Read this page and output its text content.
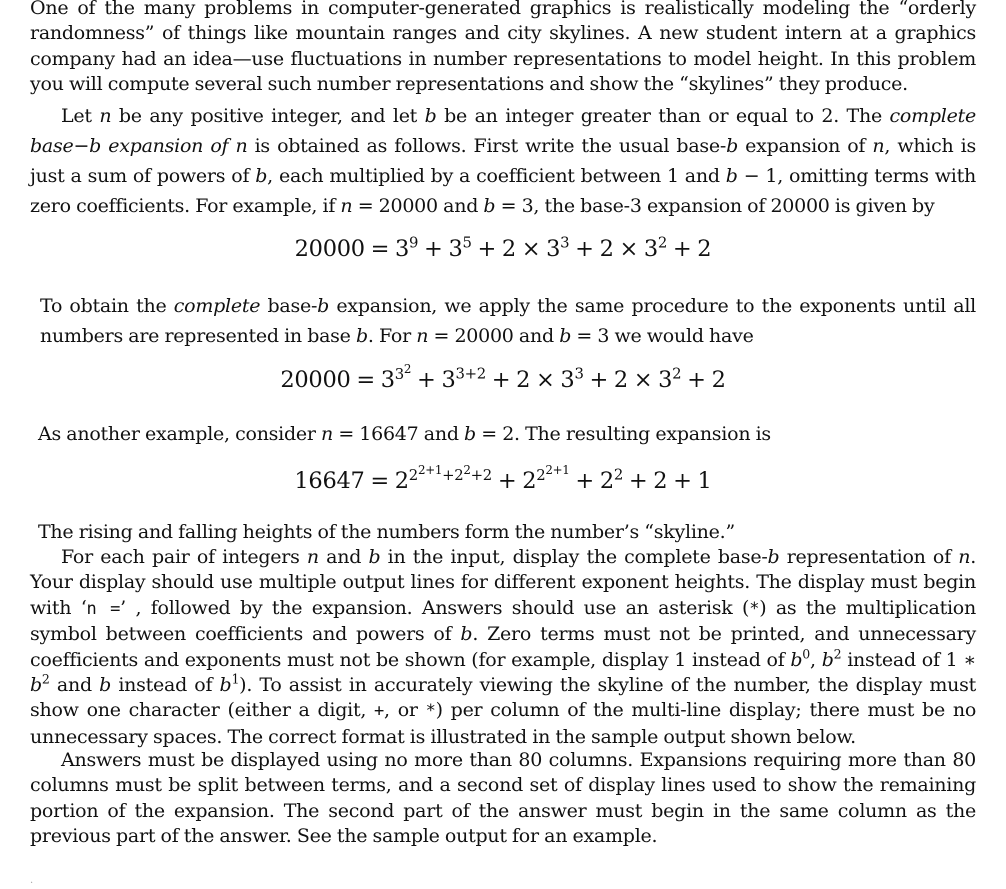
One of the many problems in computer-generated graphics is realistically modeling the “orderly randomness” of things like mountain ranges and city skylines. A new student intern at a graphics company had an idea—use fluctuations in number representations to model height. In this problem you will compute several such number representations and show the “skylines” they produce.
Let n be any positive integer, and let b be an integer greater than or equal to 2. The complete base−b expansion of n is obtained as follows. First write the usual base-b expansion of n, which is just a sum of powers of b, each multiplied by a coefficient between 1 and b − 1, omitting terms with zero coefficients. For example, if n = 20000 and b = 3, the base-3 expansion of 20000 is given by
$20000 = 3^9 + 3^5 + 2 \times 3^3 + 2 \times 3^2 + 2$
To obtain the complete base-b expansion, we apply the same procedure to the exponents until all numbers are represented in base b. For n = 20000 and b = 3 we would have
$20000 = 3^{3^2} + 3^{3+2} + 2 \times 3^3 + 2 \times 3^2 + 2$
As another example, consider n = 16647 and b = 2. The resulting expansion is
$16647 = 2^{2^{2+1}+2^2+2} + 2^{2^{2+1}} + 2^2 + 2 + 1$
The rising and falling heights of the numbers form the number’s “skyline.”
For each pair of integers n and b in the input, display the complete base-b representation of n. Your display should use multiple output lines for different exponent heights. The display must begin with ‘n =’ , followed by the expansion. Answers should use an asterisk (*) as the multiplication symbol between coefficients and powers of b. Zero terms must not be printed, and unnecessary coefficients and exponents must not be shown (for example, display 1 instead of $b^0$, $b^2$ instead of 1 ∗ $b^2$ and b instead of $b^1$). To assist in accurately viewing the skyline of the number, the display must show one character (either a digit, +, or *) per column of the multi-line display; there must be no unnecessary spaces. The correct format is illustrated in the sample output shown below.
Answers must be displayed using no more than 80 columns. Expansions requiring more than 80 columns must be split between terms, and a second set of display lines used to show the remaining portion of the expansion. The second part of the answer must begin in the same column as the previous part of the answer. See the sample output for an example.
·
